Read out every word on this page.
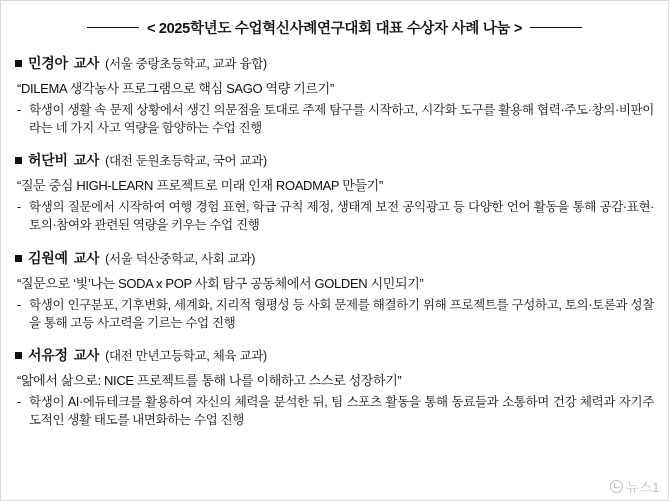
< 2025학년도 수업혁신사례연구대회 대표 수상자 사례 나눔 >
민경아 교사 (서울 중랑초등학교, 교과 융합)
“DILEMA 생각농사 프로그램으로 핵심 SAGO 역량 기르기”
- 학생이 생활 속 문제 상황에서 생긴 의문점을 토대로 주제 탐구를 시작하고, 시각화 도구를 활용해 협력·주도·창의·비판이라는 네 가지 사고 역량을 함양하는 수업 진행
허단비 교사 (대전 둔원초등학교, 국어 교과)
“질문 중심 HIGH-LEARN 프로젝트로 미래 인재 ROADMAP 만들기”
- 학생의 질문에서 시작하여 여행 경험 표현, 학급 규칙 제정, 생태계 보전 공익광고 등 다양한 언어 활동을 통해 공감·표현·토의·참여와 관련된 역량을 키우는 수업 진행
김원예 교사 (서울 덕산중학교, 사회 교과)
“질문으로 ‘빛’나는 SODA x POP 사회 탐구 공동체에서 GOLDEN 시민되기”
- 학생이 인구분포, 기후변화, 세계화, 지리적 형평성 등 사회 문제를 해결하기 위해 프로젝트를 구성하고, 토의·토론과 성찰을 통해 고등 사고력을 기르는 수업 진행
서유정 교사 (대전 만년고등학교, 체육 교과)
“앎에서 삶으로: NICE 프로젝트를 통해 나를 이해하고 스스로 성장하기”
- 학생이 AI·에듀테크를 활용하여 자신의 체력을 분석한 뒤, 팀 스포츠 활동을 통해 동료들과 소통하며 건강 체력과 자기주도적인 생활 태도를 내면화하는 수업 진행
뉴스1
